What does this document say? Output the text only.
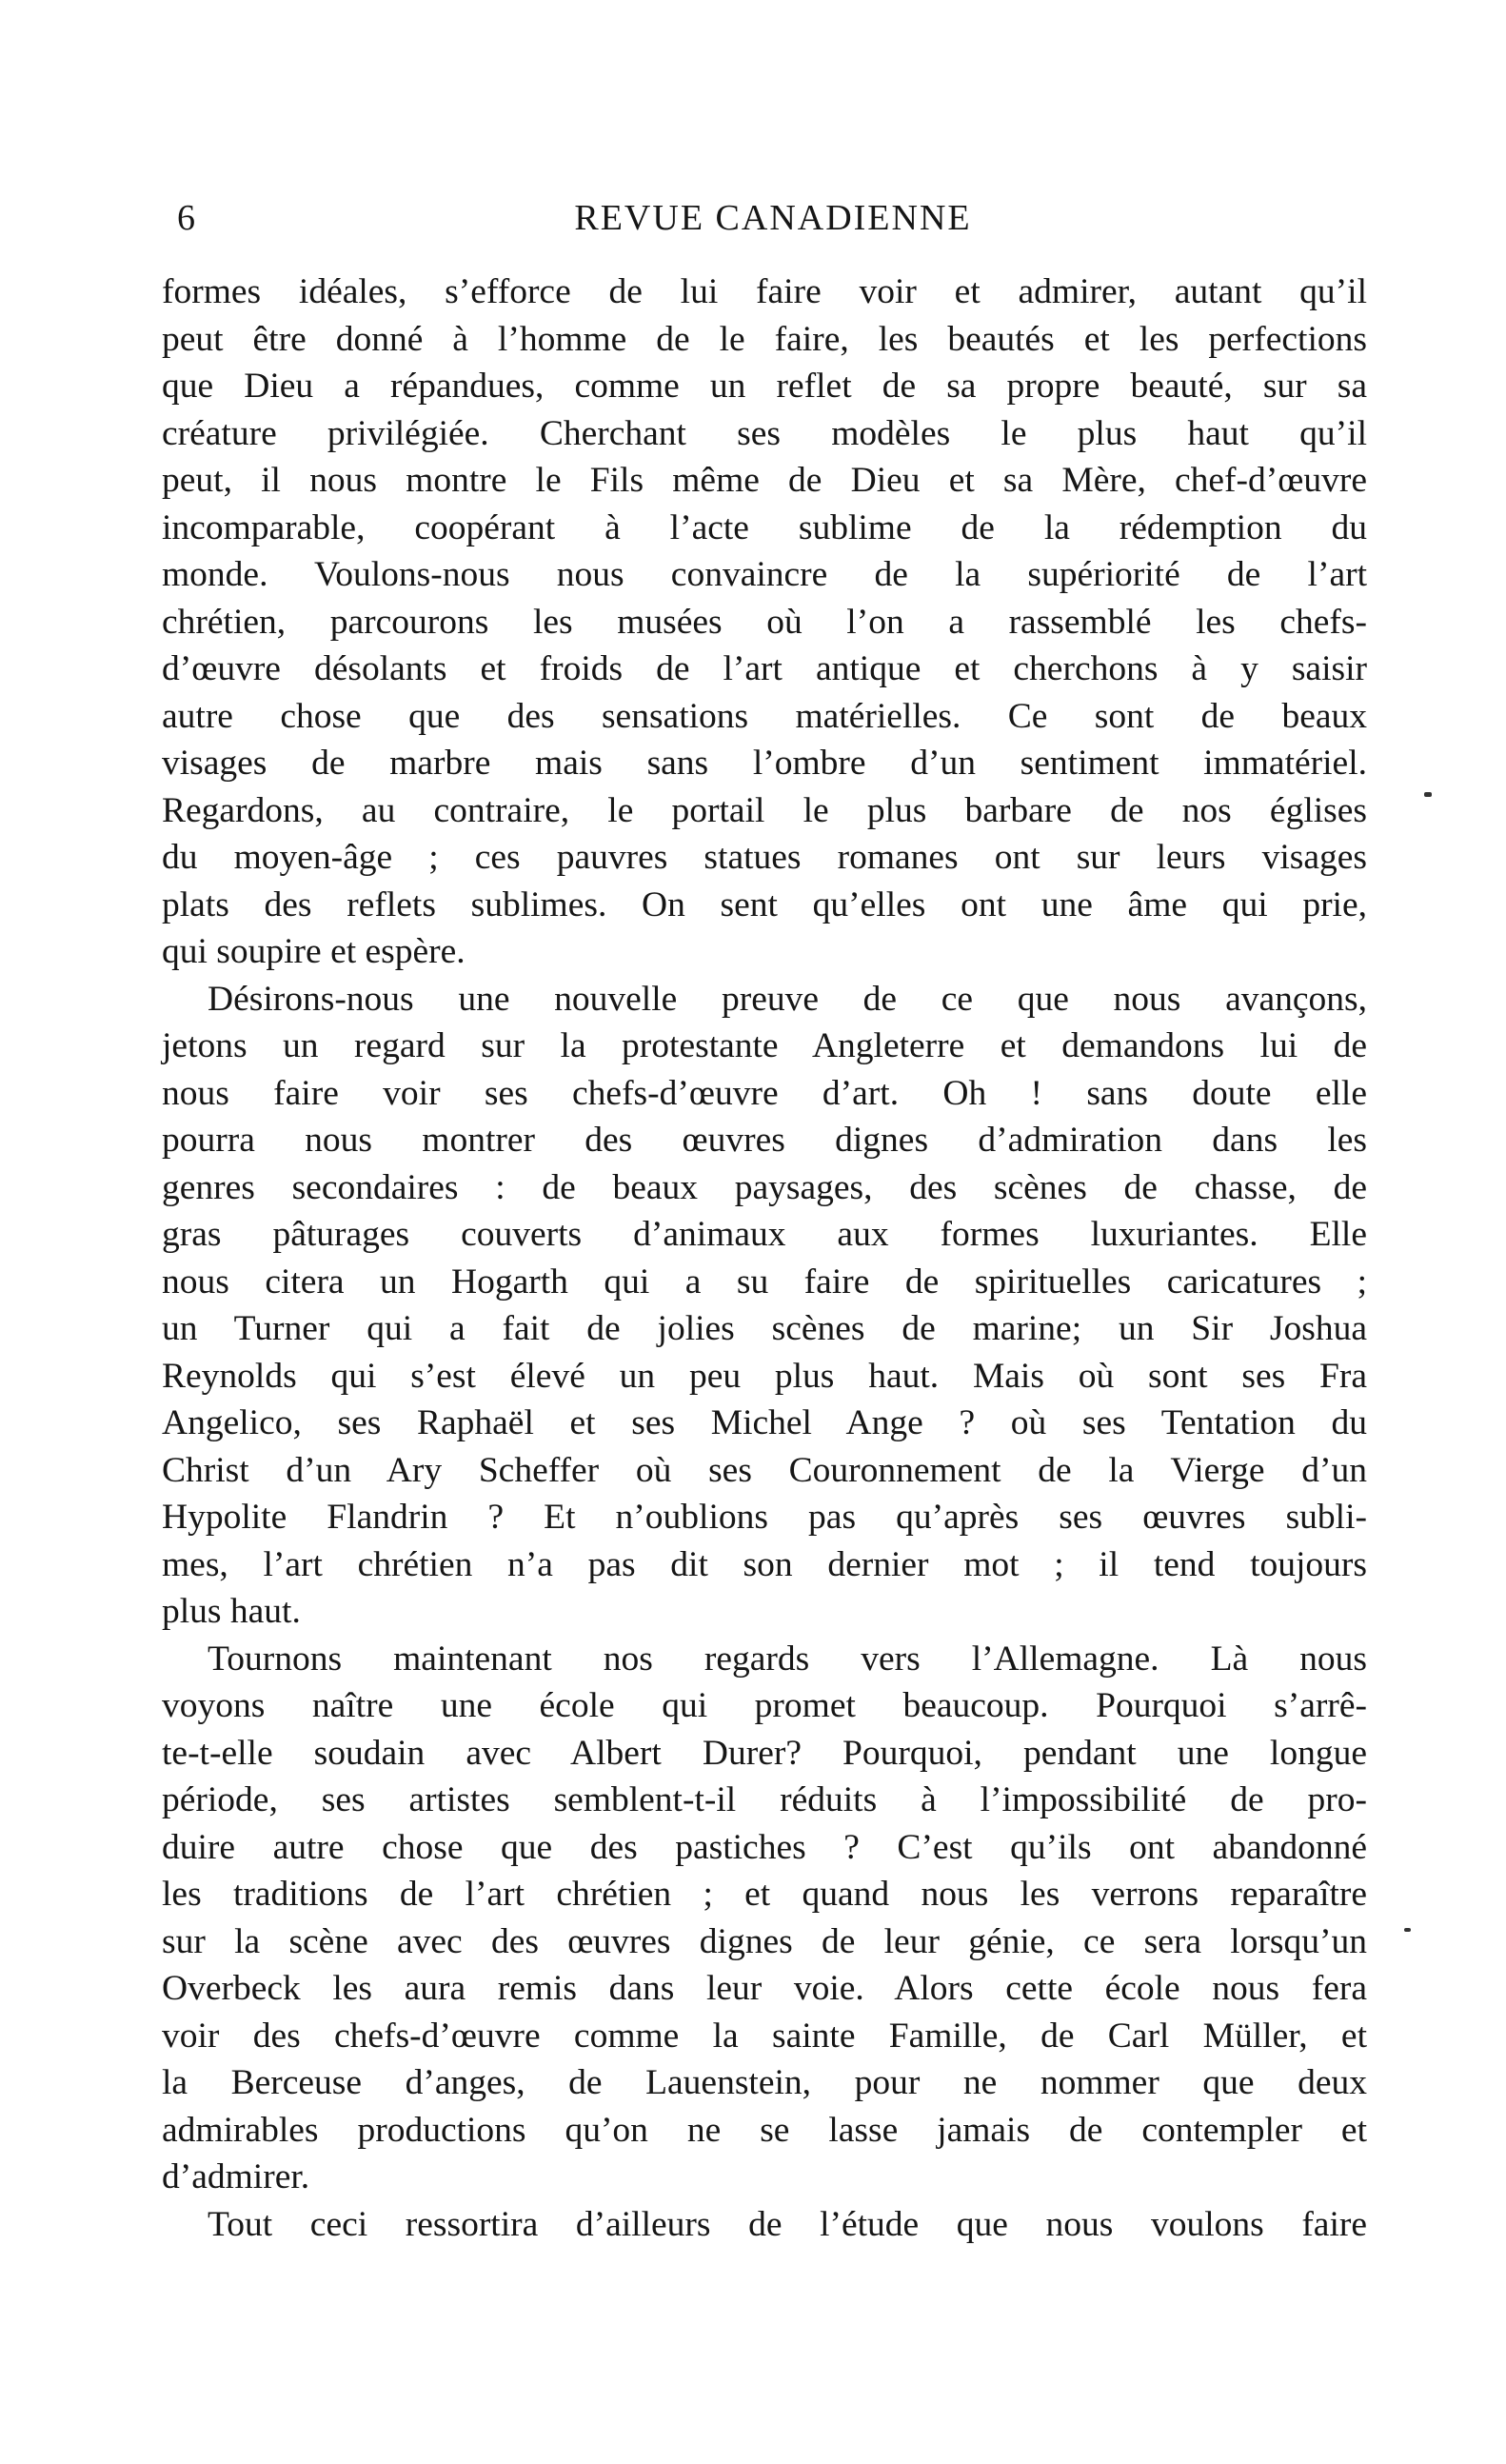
6	REVUE CANADIENNE
formes idéales, s’efforce de lui faire voir et admirer, autant qu’il
peut être donné à l’homme de le faire, les beautés et les perfections
que Dieu a répandues, comme un reflet de sa propre beauté, sur sa
créature privilégiée. Cherchant ses modèles le plus haut qu’il
peut, il nous montre le Fils même de Dieu et sa Mère, chef-d’œuvre
incomparable, coopérant à l’acte sublime de la rédemption du
monde. Voulons-nous nous convaincre de la supériorité de l’art
chrétien, parcourons les musées où l’on a rassemblé les chefs-
d’œuvre désolants et froids de l’art antique et cherchons à y saisir
autre chose que des sensations matérielles. Ce sont de beaux
visages de marbre mais sans l’ombre d’un sentiment immatériel.
Regardons, au contraire, le portail le plus barbare de nos églises
du moyen-âge ; ces pauvres statues romanes ont sur leurs visages
plats des reflets sublimes. On sent qu’elles ont une âme qui prie,
qui soupire et espère.
Désirons-nous une nouvelle preuve de ce que nous avançons,
jetons un regard sur la protestante Angleterre et demandons lui de
nous faire voir ses chefs-d’œuvre d’art. Oh ! sans doute elle
pourra nous montrer des œuvres dignes d’admiration dans les
genres secondaires : de beaux paysages, des scènes de chasse, de
gras pâturages couverts d’animaux aux formes luxuriantes. Elle
nous citera un Hogarth qui a su faire de spirituelles caricatures ;
un Turner qui a fait de jolies scènes de marine; un Sir Joshua
Reynolds qui s’est élevé un peu plus haut. Mais où sont ses Fra
Angelico, ses Raphaël et ses Michel Ange ? où ses Tentation du
Christ d’un Ary Scheffer où ses Couronnement de la Vierge d’un
Hypolite Flandrin ? Et n’oublions pas qu’après ses œuvres subli-
mes, l’art chrétien n’a pas dit son dernier mot ; il tend toujours
plus haut.
Tournons maintenant nos regards vers l’Allemagne. Là nous
voyons naître une école qui promet beaucoup. Pourquoi s’arrê-
te-t-elle soudain avec Albert Durer? Pourquoi, pendant une longue
période, ses artistes semblent-t-il réduits à l’impossibilité de pro-
duire autre chose que des pastiches ? C’est qu’ils ont abandonné
les traditions de l’art chrétien ; et quand nous les verrons reparaître
sur la scène avec des œuvres dignes de leur génie, ce sera lorsqu’un
Overbeck les aura remis dans leur voie. Alors cette école nous fera
voir des chefs-d’œuvre comme la sainte Famille, de Carl Müller, et
la Berceuse d’anges, de Lauenstein, pour ne nommer que deux
admirables productions qu’on ne se lasse jamais de contempler et
d’admirer.
Tout ceci ressortira d’ailleurs de l’étude que nous voulons faire
